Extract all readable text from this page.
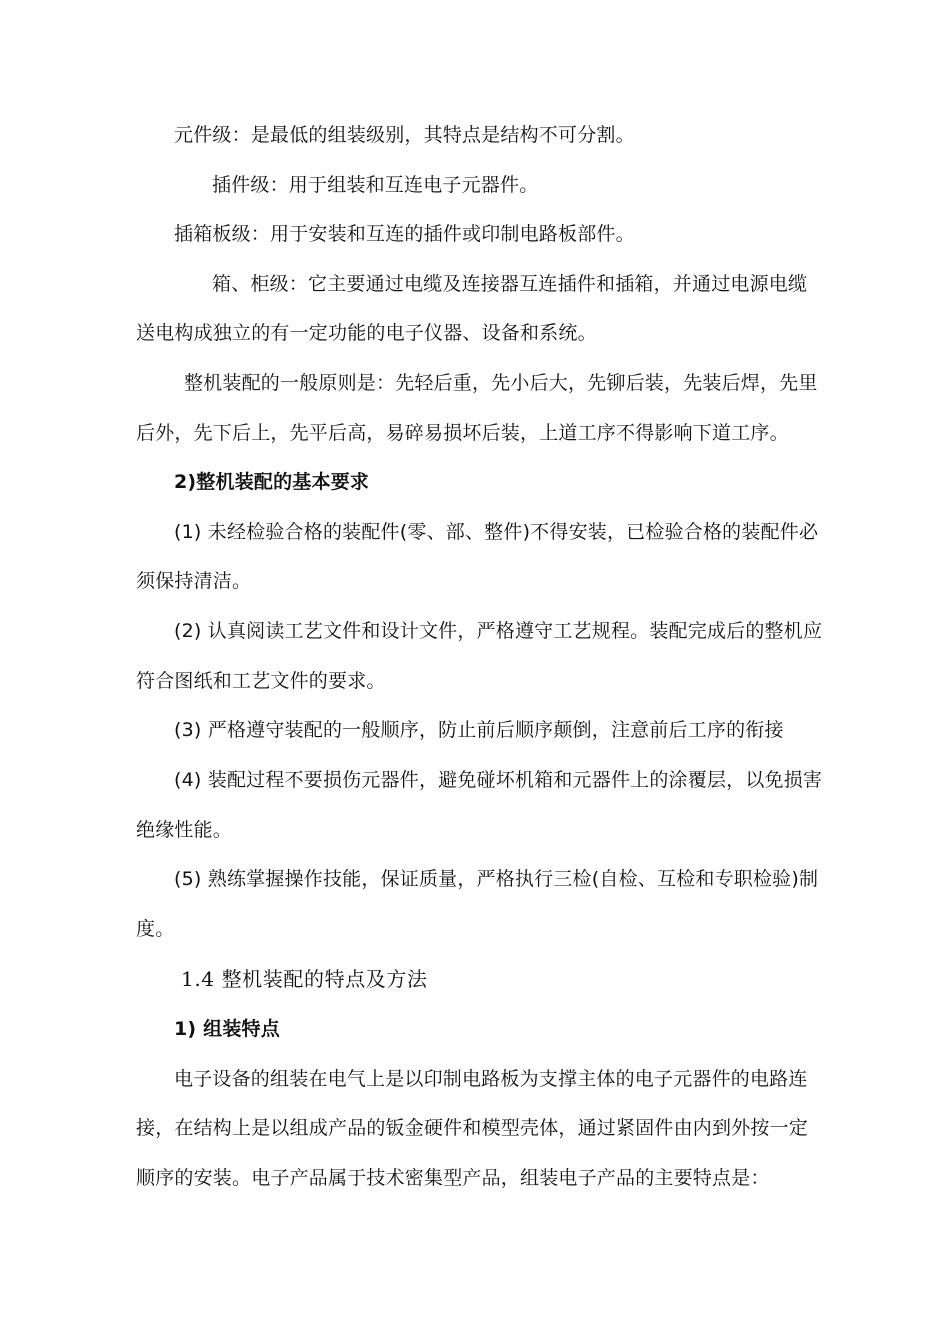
元件级：是最低的组装级别，其特点是结构不可分割。
插件级：用于组装和互连电子元器件。
插箱板级：用于安装和互连的插件或印制电路板部件。
箱、柜级：它主要通过电缆及连接器互连插件和插箱，并通过电源电缆
送电构成独立的有一定功能的电子仪器、设备和系统。
整机装配的一般原则是：先轻后重，先小后大，先铆后装，先装后焊，先里
后外，先下后上，先平后高，易碎易损坏后装，上道工序不得影响下道工序。
2)整机装配的基本要求
(1) 未经检验合格的装配件(零、部、整件)不得安装，已检验合格的装配件必
须保持清洁。
(2) 认真阅读工艺文件和设计文件，严格遵守工艺规程。装配完成后的整机应
符合图纸和工艺文件的要求。
(3) 严格遵守装配的一般顺序，防止前后顺序颠倒，注意前后工序的衔接
(4) 装配过程不要损伤元器件，避免碰坏机箱和元器件上的涂覆层，以免损害
绝缘性能。
(5) 熟练掌握操作技能，保证质量，严格执行三检(自检、互检和专职检验)制
度。
1.4 整机装配的特点及方法
1) 组装特点
电子设备的组装在电气上是以印制电路板为支撑主体的电子元器件的电路连
接，在结构上是以组成产品的钣金硬件和模型壳体，通过紧固件由内到外按一定
顺序的安装。电子产品属于技术密集型产品，组装电子产品的主要特点是：
